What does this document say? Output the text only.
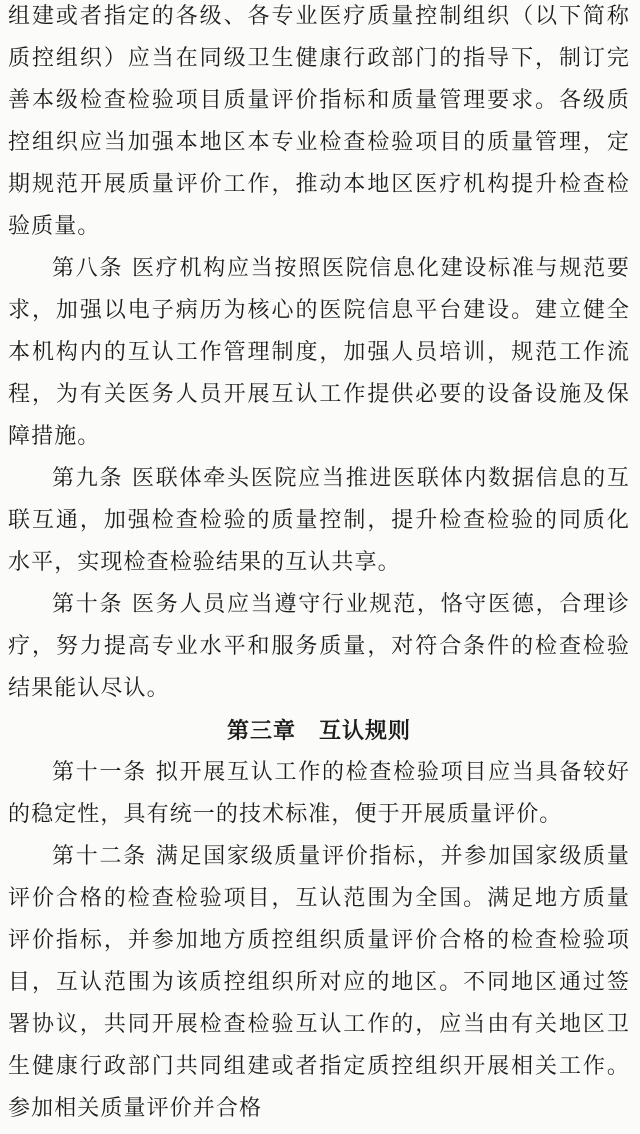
组建或者指定的各级、各专业医疗质量控制组织（以下简称质控组织）应当在同级卫生健康行政部门的指导下，制订完善本级检查检验项目质量评价指标和质量管理要求。各级质控组织应当加强本地区本专业检查检验项目的质量管理，定期规范开展质量评价工作，推动本地区医疗机构提升检查检验质量。

第八条 医疗机构应当按照医院信息化建设标准与规范要求，加强以电子病历为核心的医院信息平台建设。建立健全本机构内的互认工作管理制度，加强人员培训，规范工作流程，为有关医务人员开展互认工作提供必要的设备设施及保障措施。

第九条 医联体牵头医院应当推进医联体内数据信息的互联互通，加强检查检验的质量控制，提升检查检验的同质化水平，实现检查检验结果的互认共享。

第十条 医务人员应当遵守行业规范，恪守医德，合理诊疗，努力提高专业水平和服务质量，对符合条件的检查检验结果能认尽认。

第三章　互认规则

第十一条 拟开展互认工作的检查检验项目应当具备较好的稳定性，具有统一的技术标准，便于开展质量评价。

第十二条 满足国家级质量评价指标，并参加国家级质量评价合格的检查检验项目，互认范围为全国。满足地方质量评价指标，并参加地方质控组织质量评价合格的检查检验项目，互认范围为该质控组织所对应的地区。不同地区通过签署协议，共同开展检查检验互认工作的，应当由有关地区卫生健康行政部门共同组建或者指定质控组织开展相关工作。参加相关质量评价并合格
